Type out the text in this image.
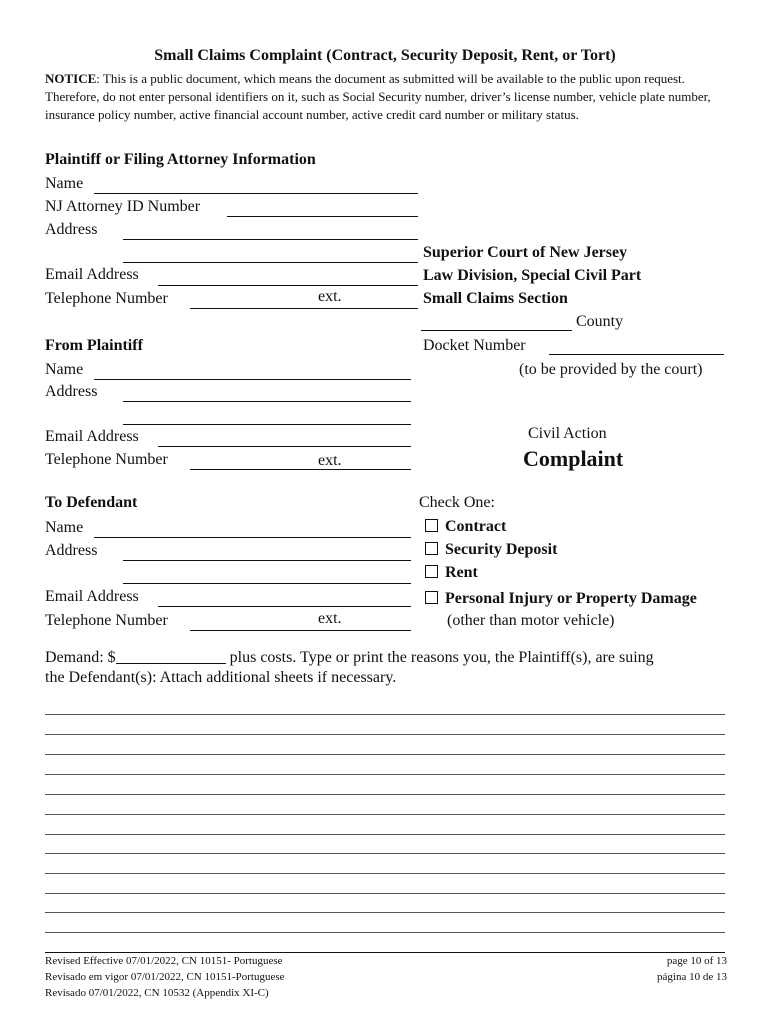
Small Claims Complaint (Contract, Security Deposit, Rent, or Tort)
NOTICE: This is a public document, which means the document as submitted will be available to the public upon request. Therefore, do not enter personal identifiers on it, such as Social Security number, driver’s license number, vehicle plate number, insurance policy number, active financial account number, active credit card number or military status.
Plaintiff or Filing Attorney Information
Name
NJ Attorney ID Number
Address
Email Address
Telephone Number	ext.
Superior Court of New Jersey
Law Division, Special Civil Part
Small Claims Section
County
Docket Number
(to be provided by the court)
Civil Action
Complaint
From Plaintiff
Name
Address
Email Address
Telephone Number	ext.
To Defendant
Name
Address
Email Address
Telephone Number	ext.
Check One:
Contract
Security Deposit
Rent
Personal Injury or Property Damage
(other than motor vehicle)
Demand: $	plus costs. Type or print the reasons you, the Plaintiff(s), are suing
the Defendant(s): Attach additional sheets if necessary.
Revised Effective 07/01/2022, CN 10151- Portuguese
Revisado em vigor 07/01/2022, CN 10151-Portuguese
Revisado 07/01/2022, CN 10532 (Appendix XI-C)
page 10 of 13
página 10 de 13
